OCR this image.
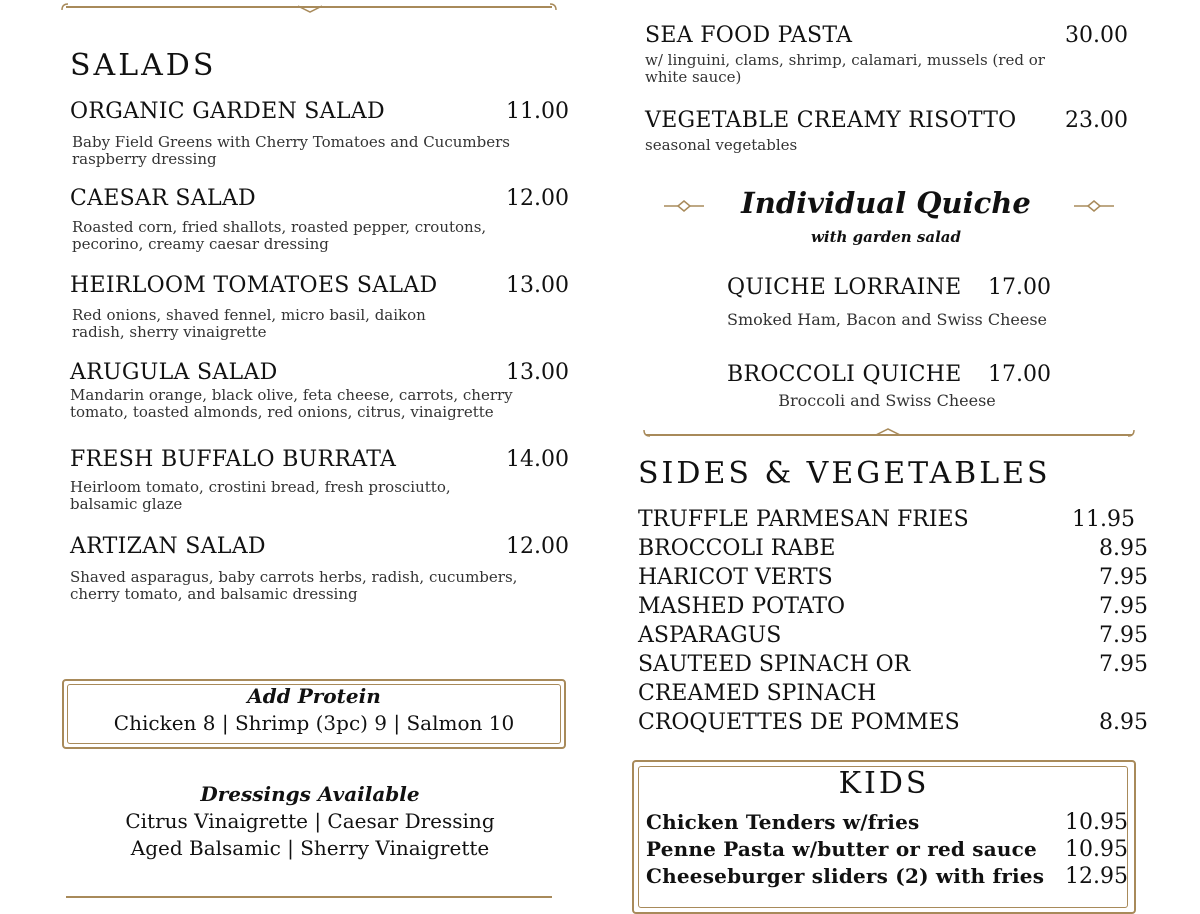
SALADS
ORGANIC GARDEN SALAD	11.00
Baby Field Greens with Cherry Tomatoes and Cucumbers raspberry dressing
CAESAR SALAD	12.00
Roasted corn, fried shallots, roasted pepper, croutons, pecorino, creamy caesar dressing
HEIRLOOM TOMATOES SALAD	13.00
Red onions, shaved fennel, micro basil, daikon radish, sherry vinaigrette
ARUGULA SALAD	13.00
Mandarin orange, black olive, feta cheese, carrots, cherry tomato, toasted almonds, red onions, citrus, vinaigrette
FRESH BUFFALO BURRATA	14.00
Heirloom tomato, crostini bread, fresh prosciutto, balsamic glaze
ARTIZAN SALAD	12.00
Shaved asparagus, baby carrots herbs, radish, cucumbers, cherry tomato, and balsamic dressing
Add Protein
Chicken 8 | Shrimp (3pc) 9 | Salmon 10
Dressings Available
Citrus Vinaigrette | Caesar Dressing
Aged Balsamic | Sherry Vinaigrette
SEA FOOD PASTA	30.00
w/ linguini, clams, shrimp, calamari, mussels (red or white sauce)
VEGETABLE CREAMY RISOTTO 23.00
seasonal vegetables
Individual Quiche
with garden salad
QUICHE LORRAINE 17.00
Smoked Ham, Bacon and Swiss Cheese
BROCCOLI QUICHE 17.00
Broccoli and Swiss Cheese
SIDES & VEGETABLES
TRUFFLE PARMESAN FRIES	11.95
BROCCOLI RABE	8.95
HARICOT VERTS	7.95
MASHED POTATO	7.95
ASPARAGUS	7.95
SAUTEED SPINACH OR	7.95
CREAMED SPINACH
CROQUETTES DE POMMES	8.95
KIDS
Chicken Tenders w/fries	10.95
Penne Pasta w/butter or red sauce 10.95
Cheeseburger sliders (2) with fries 12.95
